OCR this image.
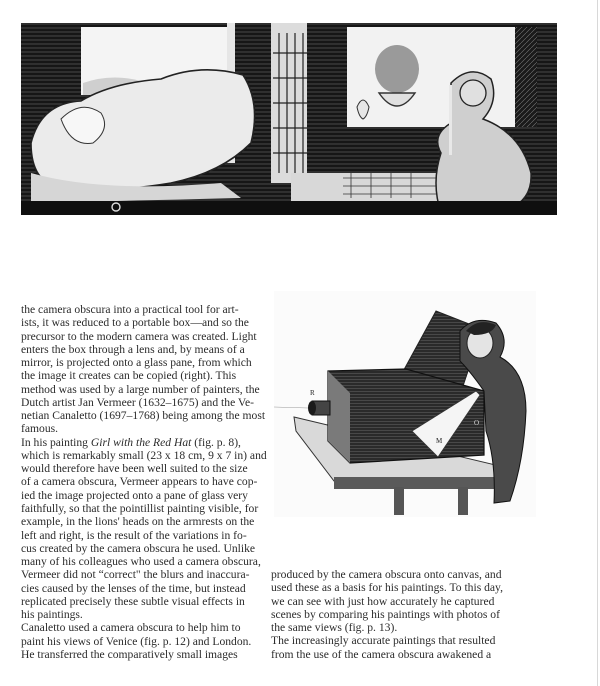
R
M
O
the camera obscura into a practical tool for art-
ists, it was reduced to a portable box—and so the
precursor to the modern camera was created. Light
enters the box through a lens and, by means of a
mirror, is projected onto a glass pane, from which
the image it creates can be copied (right). This
method was used by a large number of painters, the
Dutch artist Jan Vermeer (1632–1675) and the Ve-
netian Canaletto (1697–1768) being among the most
famous.
In his painting Girl with the Red Hat (fig. p. 8),
which is remarkably small (23 x 18 cm, 9 x 7 in) and
would therefore have been well suited to the size
of a camera obscura, Vermeer appears to have cop-
ied the image projected onto a pane of glass very
faithfully, so that the pointillist painting visible, for
example, in the lions' heads on the armrests on the
left and right, is the result of the variations in fo-
cus created by the camera obscura he used. Unlike
many of his colleagues who used a camera obscura,
Vermeer did not “correct" the blurs and inaccura-
cies caused by the lenses of the time, but instead
replicated precisely these subtle visual effects in
his paintings.
Canaletto used a camera obscura to help him to
paint his views of Venice (fig. p. 12) and London.
He transferred the comparatively small images
produced by the camera obscura onto canvas, and
used these as a basis for his paintings. To this day,
we can see with just how accurately he captured
scenes by comparing his paintings with photos of
the same views (fig. p. 13).
The increasingly accurate paintings that resulted
from the use of the camera obscura awakened a
